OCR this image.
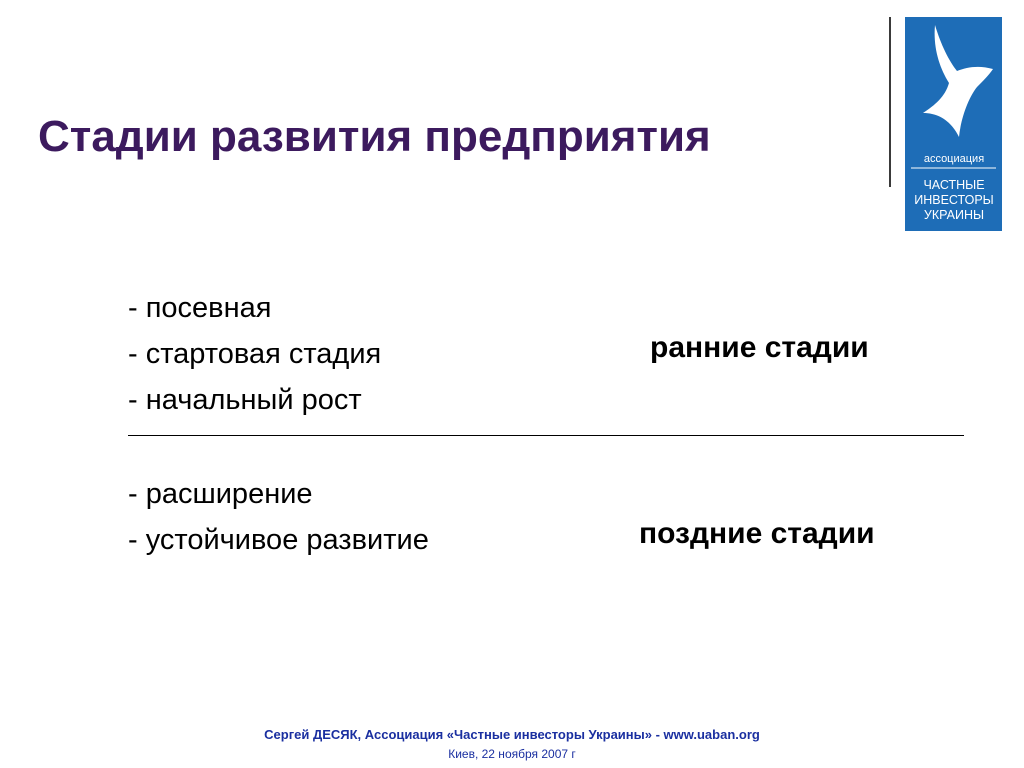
Стадии развития предприятия	ассоциация
ЧАСТНЫЕ
ИНВЕСТОРЫ
УКРАИНЫ
- посевная
- стартовая стадия
- начальный рост
ранние стадии
- расширение
- устойчивое развитие	поздние стадии
Сергей ДЕСЯК, Ассоциация «Частные инвесторы Украины» - www.uaban.org
Киев, 22 ноября 2007 г
